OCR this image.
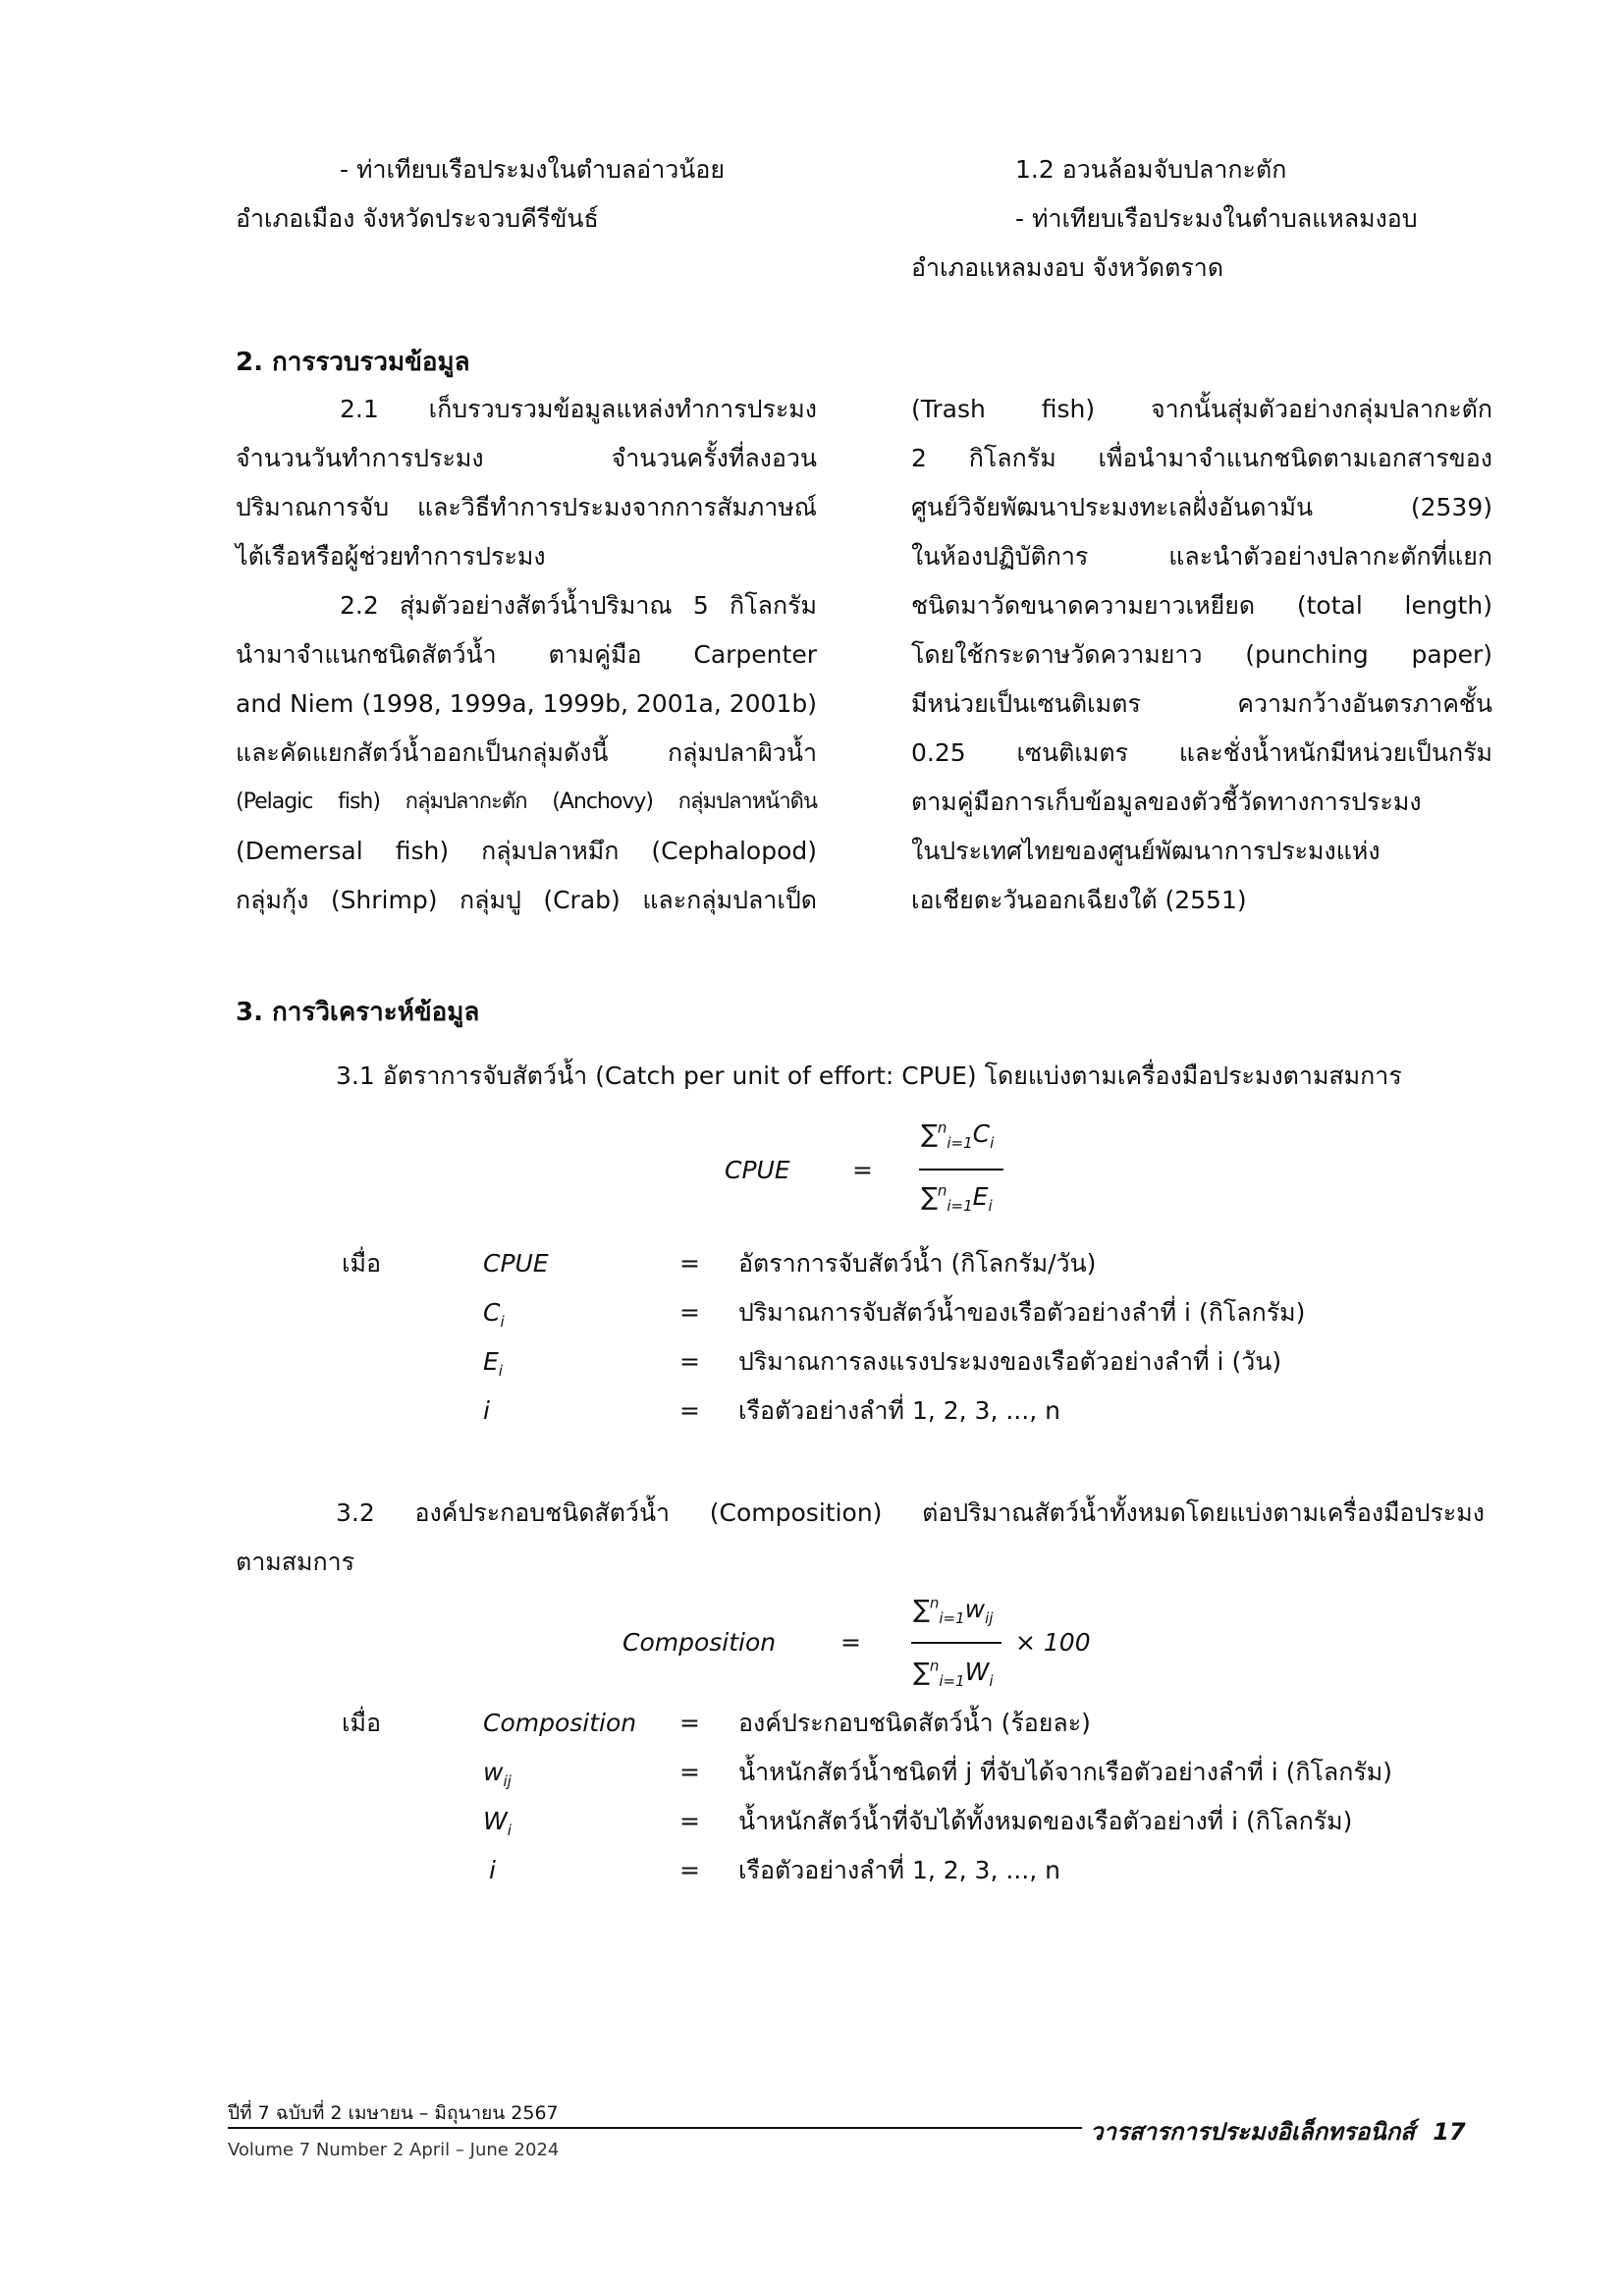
- ท่าเทียบเรือประมงในตำบลอ่าวน้อย
อำเภอเมือง จังหวัดประจวบคีรีขันธ์
1.2 อวนล้อมจับปลากะตัก
- ท่าเทียบเรือประมงในตำบลแหลมงอบ
อำเภอแหลมงอบ จังหวัดตราด
2. การรวบรวมข้อมูล
2.1 เก็บรวบรวมข้อมูลแหล่งทำการประมง
จำนวนวันทำการประมง จำนวนครั้งที่ลงอวน
ปริมาณการจับ และวิธีทำการประมงจากการสัมภาษณ์
ไต้เรือหรือผู้ช่วยทำการประมง
2.2 สุ่มตัวอย่างสัตว์น้ำปริมาณ 5 กิโลกรัม
นำมาจำแนกชนิดสัตว์น้ำ ตามคู่มือ Carpenter
and Niem (1998, 1999a, 1999b, 2001a, 2001b)
และคัดแยกสัตว์น้ำออกเป็นกลุ่มดังนี้ กลุ่มปลาผิวน้ำ
(Pelagic fish) กลุ่มปลากะตัก (Anchovy) กลุ่มปลาหน้าดิน
(Demersal fish) กลุ่มปลาหมึก (Cephalopod)
กลุ่มกุ้ง (Shrimp) กลุ่มปู (Crab) และกลุ่มปลาเป็ด
(Trash fish) จากนั้นสุ่มตัวอย่างกลุ่มปลากะตัก
2 กิโลกรัม เพื่อนำมาจำแนกชนิดตามเอกสารของ
ศูนย์วิจัยพัฒนาประมงทะเลฝั่งอันดามัน (2539)
ในห้องปฏิบัติการ และนำตัวอย่างปลากะตักที่แยก
ชนิดมาวัดขนาดความยาวเหยียด (total length)
โดยใช้กระดาษวัดความยาว (punching paper)
มีหน่วยเป็นเซนติเมตร ความกว้างอันตรภาคชั้น
0.25 เซนติเมตร และชั่งน้ำหนักมีหน่วยเป็นกรัม
ตามคู่มือการเก็บข้อมูลของตัวชี้วัดทางการประมง
ในประเทศไทยของศูนย์พัฒนาการประมงแห่ง
เอเชียตะวันออกเฉียงใต้ (2551)
3. การวิเคราะห์ข้อมูล
3.1 อัตราการจับสัตว์น้ำ (Catch per unit of effort: CPUE) โดยแบ่งตามเครื่องมือประมงตามสมการ
CPUE	=
$\sum^n_{i=1}C_i$
$\sum^n_{i=1}E_i$
เมื่อ	CPUE	= อัตราการจับสัตว์น้ำ (กิโลกรัม/วัน)
$C_i$	= ปริมาณการจับสัตว์น้ำของเรือตัวอย่างลำที่ i (กิโลกรัม)
$E_i$	= ปริมาณการลงแรงประมงของเรือตัวอย่างลำที่ i (วัน)
i	= เรือตัวอย่างลำที่ 1, 2, 3, ..., n
3.2 องค์ประกอบชนิดสัตว์น้ำ (Composition) ต่อปริมาณสัตว์น้ำทั้งหมดโดยแบ่งตามเครื่องมือประมง
ตามสมการ
Composition	=
$\sum^n_{i=1}w_{ij}$
$\sum^n_{i=1}W_i$
× 100
เมื่อ	Composition = องค์ประกอบชนิดสัตว์น้ำ (ร้อยละ)
$w_{ij}$	= น้ำหนักสัตว์น้ำชนิดที่ j ที่จับได้จากเรือตัวอย่างลำที่ i (กิโลกรัม)
$W_i$	= น้ำหนักสัตว์น้ำที่จับได้ทั้งหมดของเรือตัวอย่างที่ i (กิโลกรัม)
i	= เรือตัวอย่างลำที่ 1, 2, 3, ..., n
ปีที่ 7 ฉบับที่ 2 เมษายน – มิถุนายน 2567
Volume 7 Number 2 April – June 2024
วารสารการประมงอิเล็กทรอนิกส์ 17
